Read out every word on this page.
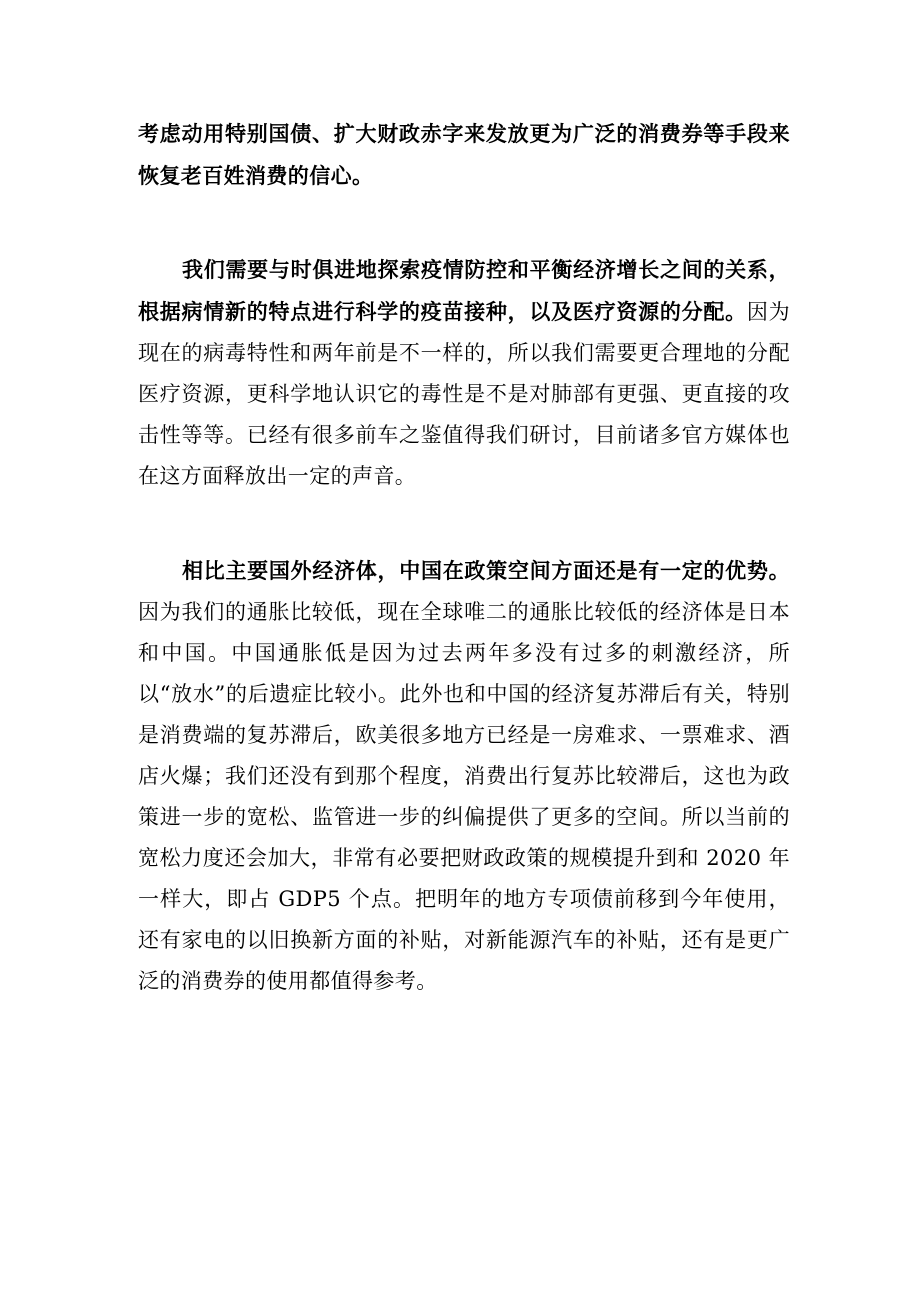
考虑动用特别国债、扩大财政赤字来发放更为广泛的消费券等手段来恢复老百姓消费的信心。

我们需要与时俱进地探索疫情防控和平衡经济增长之间的关系，根据病情新的特点进行科学的疫苗接种，以及医疗资源的分配。因为现在的病毒特性和两年前是不一样的，所以我们需要更合理地的分配医疗资源，更科学地认识它的毒性是不是对肺部有更强、更直接的攻击性等等。已经有很多前车之鉴值得我们研讨，目前诸多官方媒体也在这方面释放出一定的声音。

相比主要国外经济体，中国在政策空间方面还是有一定的优势。因为我们的通胀比较低，现在全球唯二的通胀比较低的经济体是日本和中国。中国通胀低是因为过去两年多没有过多的刺激经济，所以“放水”的后遗症比较小。此外也和中国的经济复苏滞后有关，特别是消费端的复苏滞后，欧美很多地方已经是一房难求、一票难求、酒店火爆；我们还没有到那个程度，消费出行复苏比较滞后，这也为政策进一步的宽松、监管进一步的纠偏提供了更多的空间。所以当前的宽松力度还会加大，非常有必要把财政政策的规模提升到和 2020 年一样大，即占 GDP5 个点。把明年的地方专项债前移到今年使用，还有家电的以旧换新方面的补贴，对新能源汽车的补贴，还有是更广泛的消费券的使用都值得参考。
